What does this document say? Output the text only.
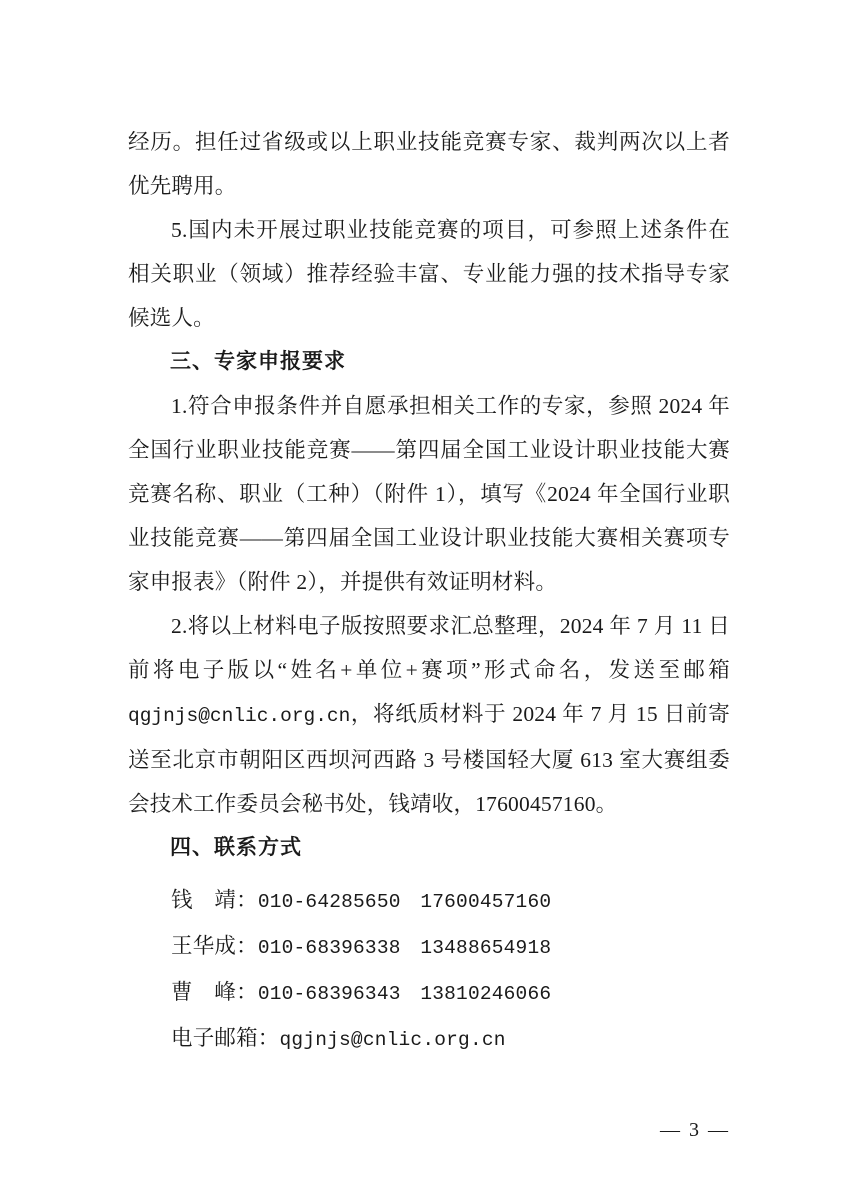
经历。担任过省级或以上职业技能竞赛专家、裁判两次以上者优先聘用。

5.国内未开展过职业技能竞赛的项目，可参照上述条件在相关职业（领域）推荐经验丰富、专业能力强的技术指导专家候选人。

三、专家申报要求

1.符合申报条件并自愿承担相关工作的专家，参照 2024 年全国行业职业技能竞赛——第四届全国工业设计职业技能大赛竞赛名称、职业（工种）（附件 1），填写《2024 年全国行业职业技能竞赛——第四届全国工业设计职业技能大赛相关赛项专家申报表》（附件 2），并提供有效证明材料。

2.将以上材料电子版按照要求汇总整理，2024 年 7 月 11 日前将电子版以“姓名+单位+赛项”形式命名，发送至邮箱qgjnjs@cnlic.org.cn，将纸质材料于 2024 年 7 月 15 日前寄送至北京市朝阳区西坝河西路 3 号楼国轻大厦 613 室大赛组委会技术工作委员会秘书处，钱靖收，17600457160。

四、联系方式

钱　靖：010-64285650　17600457160

王华成：010-68396338　13488654918

曹　峰：010-68396343　13810246066

电子邮箱：qgjnjs@cnlic.org.cn

— 3 —
